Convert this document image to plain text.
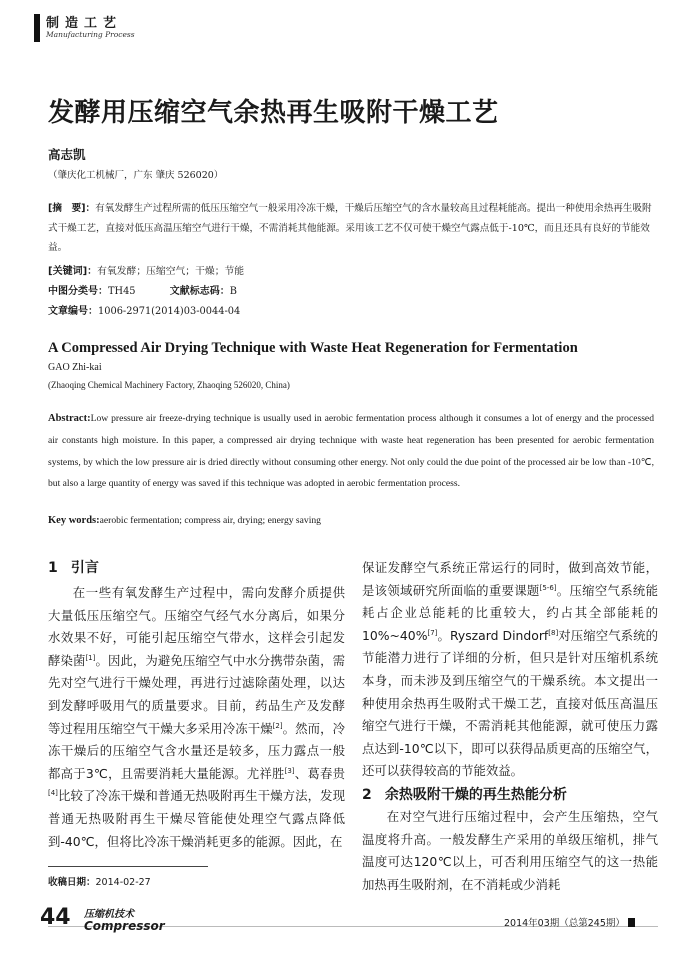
制造工艺
Manufacturing Process
发酵用压缩空气余热再生吸附干燥工艺
高志凯
（肇庆化工机械厂，广东 肇庆 526020）
[摘　要]：有氧发酵生产过程所需的低压压缩空气一般采用冷冻干燥，干燥后压缩空气的含水量较高且过程耗能高。提出一种使用余热再生吸附式干燥工艺，直接对低压高温压缩空气进行干燥，不需消耗其他能源。采用该工艺不仅可使干燥空气露点低于-10℃，而且还具有良好的节能效益。
[关键词]：有氧发酵；压缩空气；干燥；节能
中图分类号：TH45	文献标志码：B
文章编号：1006-2971(2014)03-0044-04
A Compressed Air Drying Technique with Waste Heat Regeneration for Fermentation
GAO Zhi-kai
(Zhaoqing Chemical Machinery Factory, Zhaoqing 526020, China)
Abstract:Low pressure air freeze-drying technique is usually used in aerobic fermentation process although it consumes a lot of energy and the processed air constants high moisture. In this paper, a compressed air drying technique with waste heat regeneration has been presented for aerobic fermentation systems, by which the low pressure air is dried directly without consuming other energy. Not only could the due point of the processed air be low than -10℃, but also a large quantity of energy was saved if this technique was adopted in aerobic fermentation process.
Key words:aerobic fermentation; compress air, drying; energy saving
1 引言

在一些有氧发酵生产过程中，需向发酵介质提供大量低压压缩空气。压缩空气经气水分离后，如果分水效果不好，可能引起压缩空气带水，这样会引起发酵染菌[1]。因此，为避免压缩空气中水分携带杂菌，需先对空气进行干燥处理，再进行过滤除菌处理，以达到发酵呼吸用气的质量要求。目前，药品生产及发酵等过程用压缩空气干燥大多采用冷冻干燥[2]。然而，冷冻干燥后的压缩空气含水量还是较多，压力露点一般都高于3℃，且需要消耗大量能源。尤祥胜[3]、葛春贵[4]比较了冷冻干燥和普通无热吸附再生干燥方法，发现普通无热吸附再生干燥尽管能使处理空气露点降低到-40℃，但将比冷冻干燥消耗更多的能源。因此，在

2 余热吸附干燥的再生热能分析

在对空气进行压缩过程中，会产生压缩热，空气温度将升高。一般发酵生产采用的单级压缩机，排气温度可达120℃以上，可否利用压缩空气的这一热能加热再生吸附剂，在不消耗或少消耗

收稿日期：2014-02-27
44 压缩机技术
Compressor	2014年03期（总第245期）

保证发酵空气系统正常运行的同时，做到高效节能，是该领域研究所面临的重要课题[5-6]。压缩空气系统能耗占企业总能耗的比重较大，约占其全部能耗的10%~40%[7]。Ryszard Dindorf[8]对压缩空气系统的节能潜力进行了详细的分析，但只是针对压缩机系统本身，而未涉及到压缩空气的干燥系统。本文提出一种使用余热再生吸附式干燥工艺，直接对低压高温压缩空气进行干燥，不需消耗其他能源，就可使压力露点达到-10℃以下，即可以获得品质更高的压缩空气，还可以获得较高的节能效益。
